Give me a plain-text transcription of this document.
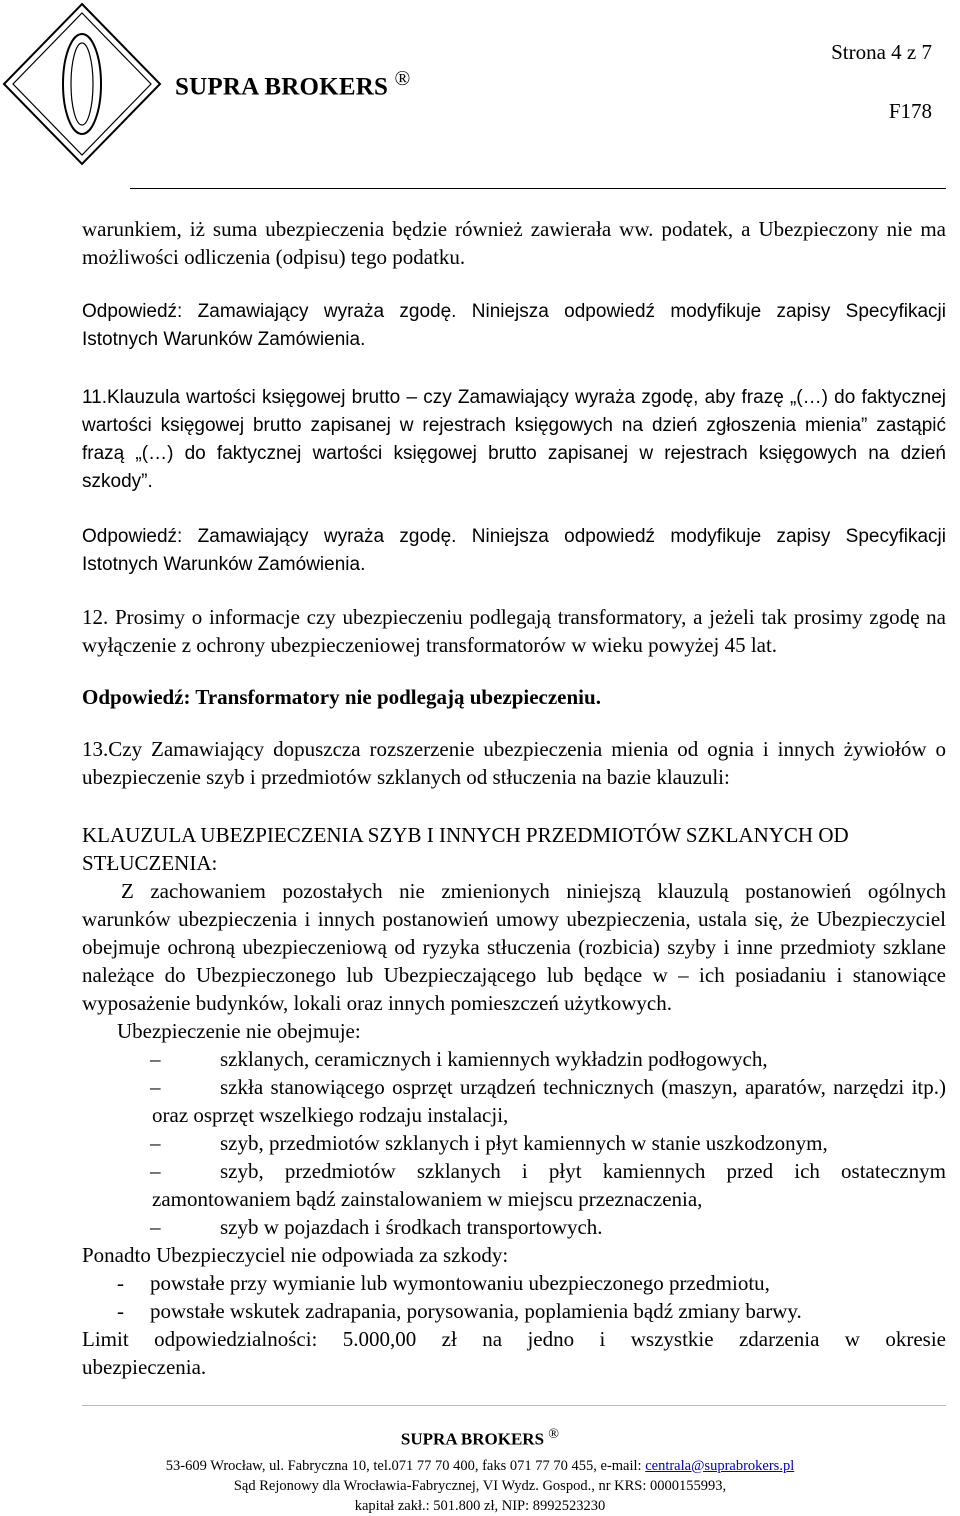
SUPRA BROKERS ®
Strona 4 z 7
F178

warunkiem, iż suma ubezpieczenia będzie również zawierała ww. podatek, a Ubezpieczony nie ma możliwości odliczenia (odpisu) tego podatku.

Odpowiedź: Zamawiający wyraża zgodę. Niniejsza odpowiedź modyfikuje zapisy Specyfikacji Istotnych Warunków Zamówienia.

11.Klauzula wartości księgowej brutto – czy Zamawiający wyraża zgodę, aby frazę „(…) do faktycznej wartości księgowej brutto zapisanej w rejestrach księgowych na dzień zgłoszenia mienia” zastąpić frazą „(…) do faktycznej wartości księgowej brutto zapisanej w rejestrach księgowych na dzień szkody”.

Odpowiedź: Zamawiający wyraża zgodę. Niniejsza odpowiedź modyfikuje zapisy Specyfikacji Istotnych Warunków Zamówienia.

12. Prosimy o informacje czy ubezpieczeniu podlegają transformatory, a jeżeli tak prosimy zgodę na wyłączenie z ochrony ubezpieczeniowej transformatorów w wieku powyżej 45 lat.

Odpowiedź: Transformatory nie podlegają ubezpieczeniu.

13.Czy Zamawiający dopuszcza rozszerzenie ubezpieczenia mienia od ognia i innych żywiołów o ubezpieczenie szyb i przedmiotów szklanych od stłuczenia na bazie klauzuli:

KLAUZULA UBEZPIECZENIA SZYB I INNYCH PRZEDMIOTÓW SZKLANYCH OD STŁUCZENIA:

Z zachowaniem pozostałych nie zmienionych niniejszą klauzulą postanowień ogólnych warunków ubezpieczenia i innych postanowień umowy ubezpieczenia, ustala się, że Ubezpieczyciel obejmuje ochroną ubezpieczeniową od ryzyka stłuczenia (rozbicia) szyby i inne przedmioty szklane należące do Ubezpieczonego lub Ubezpieczającego lub będące w – ich posiadaniu i stanowiące wyposażenie budynków, lokali oraz innych pomieszczeń użytkowych.

Ubezpieczenie nie obejmuje:

–	szklanych, ceramicznych i kamiennych wykładzin podłogowych,

–	szkła stanowiącego osprzęt urządzeń technicznych (maszyn, aparatów, narzędzi itp.) oraz osprzęt wszelkiego rodzaju instalacji,

–	szyb, przedmiotów szklanych i płyt kamiennych w stanie uszkodzonym,

–	szyb, przedmiotów szklanych i płyt kamiennych przed ich ostatecznym zamontowaniem bądź zainstalowaniem w miejscu przeznaczenia,

–	szyb w pojazdach i środkach transportowych.

Ponadto Ubezpieczyciel nie odpowiada za szkody:

- powstałe przy wymianie lub wymontowaniu ubezpieczonego przedmiotu,

- powstałe wskutek zadrapania, porysowania, poplamienia bądź zmiany barwy.

Limit odpowiedzialności: 5.000,00 zł na jedno i wszystkie zdarzenia w okresie ubezpieczenia.

SUPRA BROKERS ®
53-609 Wrocław, ul. Fabryczna 10, tel.071 77 70 400, faks 071 77 70 455, e-mail: centrala@suprabrokers.pl
Sąd Rejonowy dla Wrocławia-Fabrycznej, VI Wydz. Gospod., nr KRS: 0000155993,
kapitał zakł.: 501.800 zł, NIP: 8992523230
